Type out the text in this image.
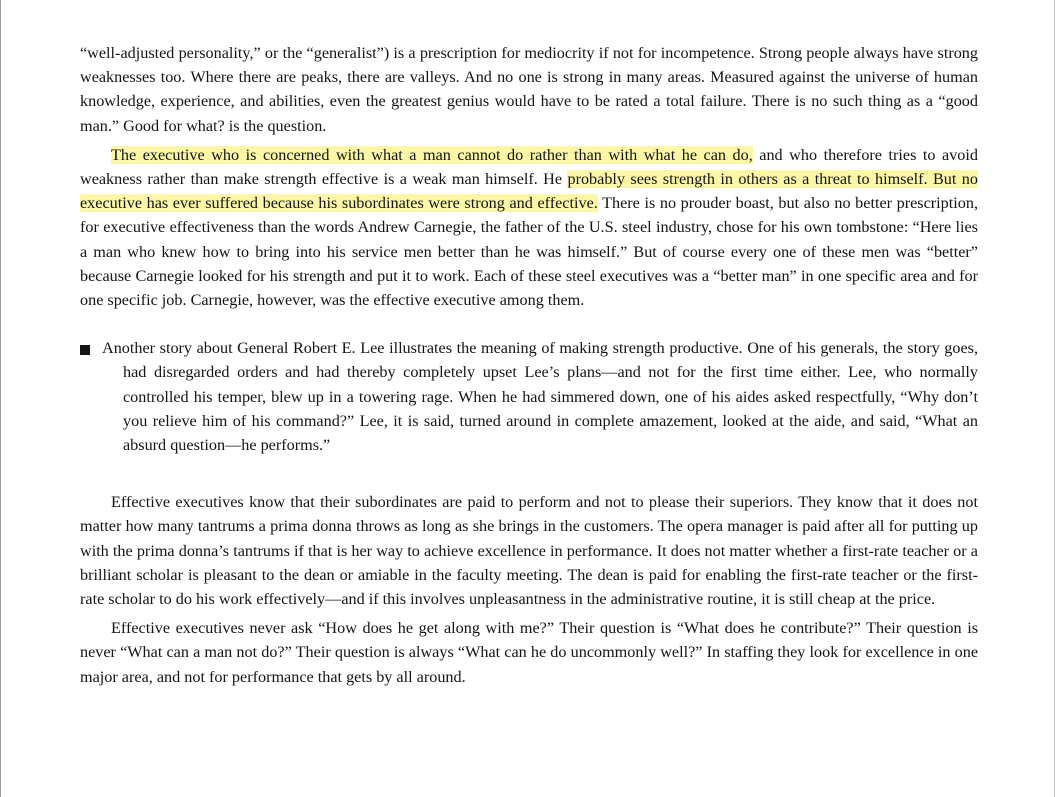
“well-adjusted personality,” or the “generalist”) is a prescription for mediocrity if not for incompetence. Strong people always have strong weaknesses too. Where there are peaks, there are valleys. And no one is strong in many areas. Measured against the universe of human knowledge, experience, and abilities, even the greatest genius would have to be rated a total failure. There is no such thing as a “good man.” Good for what? is the question.

The executive who is concerned with what a man cannot do rather than with what he can do, and who therefore tries to avoid weakness rather than make strength effective is a weak man himself. He probably sees strength in others as a threat to himself. But no executive has ever suffered because his subordinates were strong and effective. There is no prouder boast, but also no better prescription, for executive effectiveness than the words Andrew Carnegie, the father of the U.S. steel industry, chose for his own tombstone: “Here lies a man who knew how to bring into his service men better than he was himself.” But of course every one of these men was “better” because Carnegie looked for his strength and put it to work. Each of these steel executives was a “better man” in one specific area and for one specific job. Carnegie, however, was the effective executive among them.

Another story about General Robert E. Lee illustrates the meaning of making strength productive. One of his generals, the story goes, had disregarded orders and had thereby completely upset Lee’s plans—and not for the first time either. Lee, who normally controlled his temper, blew up in a towering rage. When he had simmered down, one of his aides asked respectfully, “Why don’t you relieve him of his command?” Lee, it is said, turned around in complete amazement, looked at the aide, and said, “What an absurd question—he performs.”

Effective executives know that their subordinates are paid to perform and not to please their superiors. They know that it does not matter how many tantrums a prima donna throws as long as she brings in the customers. The opera manager is paid after all for putting up with the prima donna’s tantrums if that is her way to achieve excellence in performance. It does not matter whether a first-rate teacher or a brilliant scholar is pleasant to the dean or amiable in the faculty meeting. The dean is paid for enabling the first-rate teacher or the first-rate scholar to do his work effectively—and if this involves unpleasantness in the administrative routine, it is still cheap at the price.

Effective executives never ask “How does he get along with me?” Their question is “What does he contribute?” Their question is never “What can a man not do?” Their question is always “What can he do uncommonly well?” In staffing they look for excellence in one major area, and not for performance that gets by all around.
